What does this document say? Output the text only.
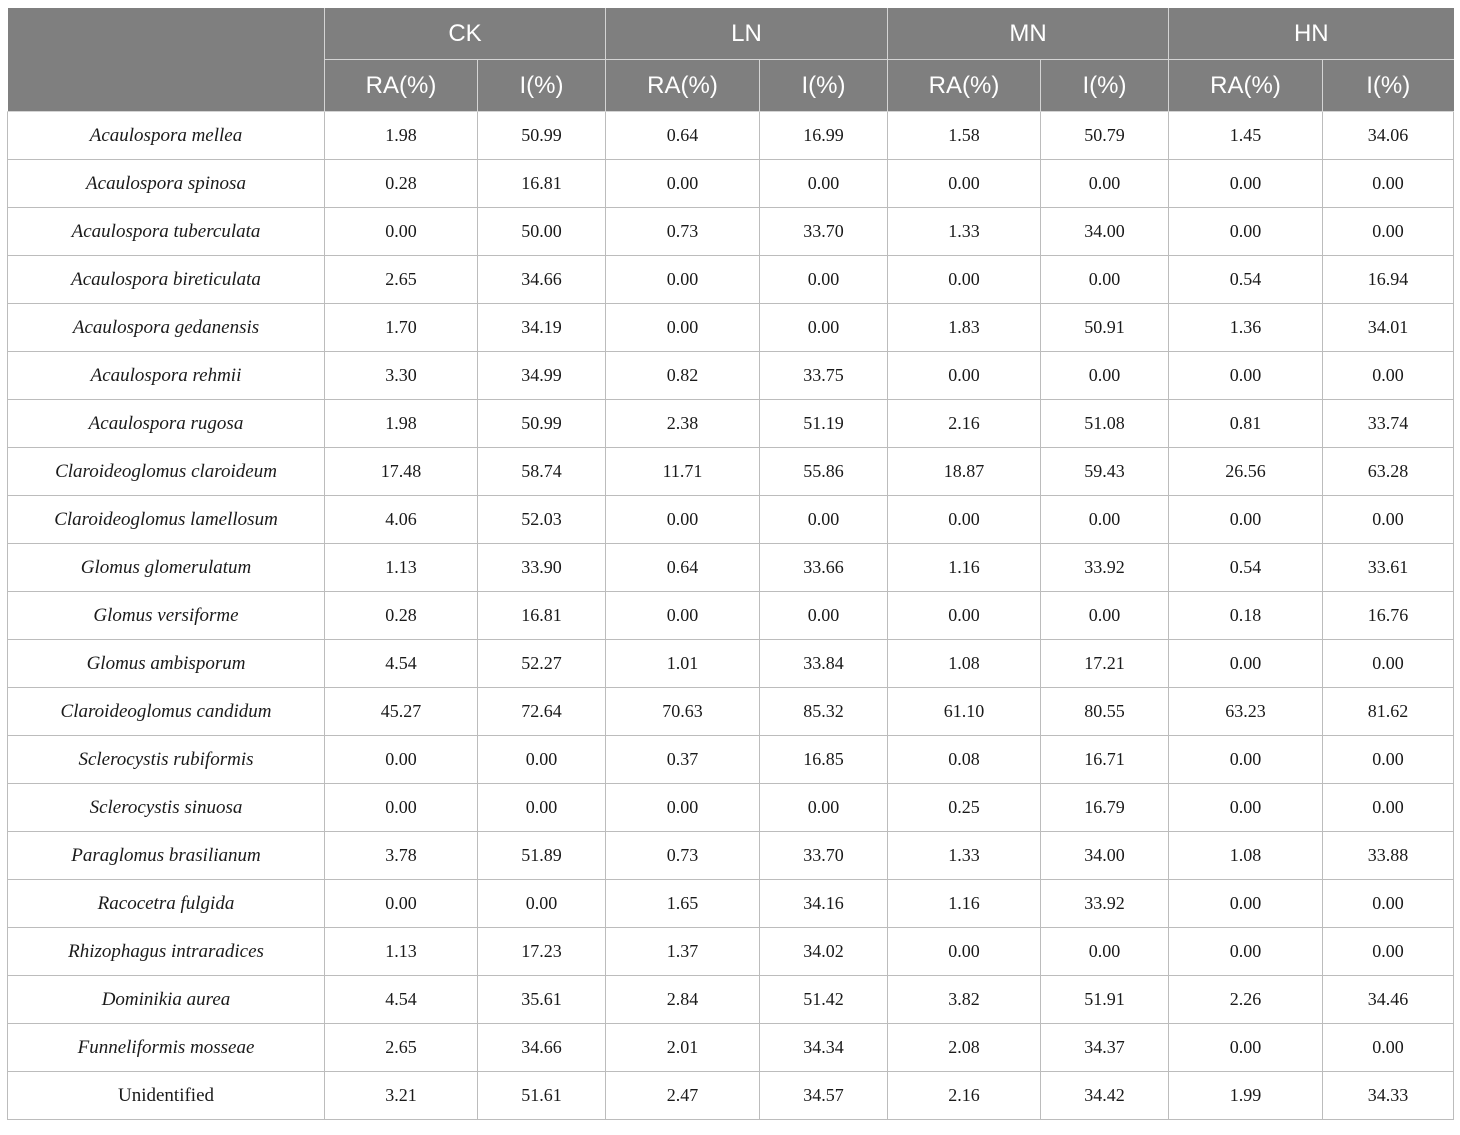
	CK		LN		MN		HN	
	RA(%)	I(%)	RA(%)	I(%)	RA(%)	I(%)	RA(%)	I(%)
Acaulospora mellea	1.98	50.99	0.64	16.99	1.58	50.79	1.45	34.06
Acaulospora spinosa	0.28	16.81	0.00	0.00	0.00	0.00	0.00	0.00
Acaulospora tuberculata	0.00	50.00	0.73	33.70	1.33	34.00	0.00	0.00
Acaulospora bireticulata	2.65	34.66	0.00	0.00	0.00	0.00	0.54	16.94
Acaulospora gedanensis	1.70	34.19	0.00	0.00	1.83	50.91	1.36	34.01
Acaulospora rehmii	3.30	34.99	0.82	33.75	0.00	0.00	0.00	0.00
Acaulospora rugosa	1.98	50.99	2.38	51.19	2.16	51.08	0.81	33.74
Claroideoglomus claroideum	17.48	58.74	11.71	55.86	18.87	59.43	26.56	63.28
Claroideoglomus lamellosum	4.06	52.03	0.00	0.00	0.00	0.00	0.00	0.00
Glomus glomerulatum	1.13	33.90	0.64	33.66	1.16	33.92	0.54	33.61
Glomus versiforme	0.28	16.81	0.00	0.00	0.00	0.00	0.18	16.76
Glomus ambisporum	4.54	52.27	1.01	33.84	1.08	17.21	0.00	0.00
Claroideoglomus candidum	45.27	72.64	70.63	85.32	61.10	80.55	63.23	81.62
Sclerocystis rubiformis	0.00	0.00	0.37	16.85	0.08	16.71	0.00	0.00
Sclerocystis sinuosa	0.00	0.00	0.00	0.00	0.25	16.79	0.00	0.00
Paraglomus brasilianum	3.78	51.89	0.73	33.70	1.33	34.00	1.08	33.88
Racocetra fulgida	0.00	0.00	1.65	34.16	1.16	33.92	0.00	0.00
Rhizophagus intraradices	1.13	17.23	1.37	34.02	0.00	0.00	0.00	0.00
Dominikia aurea	4.54	35.61	2.84	51.42	3.82	51.91	2.26	34.46
Funneliformis mosseae	2.65	34.66	2.01	34.34	2.08	34.37	0.00	0.00
Unidentified	3.21	51.61	2.47	34.57	2.16	34.42	1.99	34.33
